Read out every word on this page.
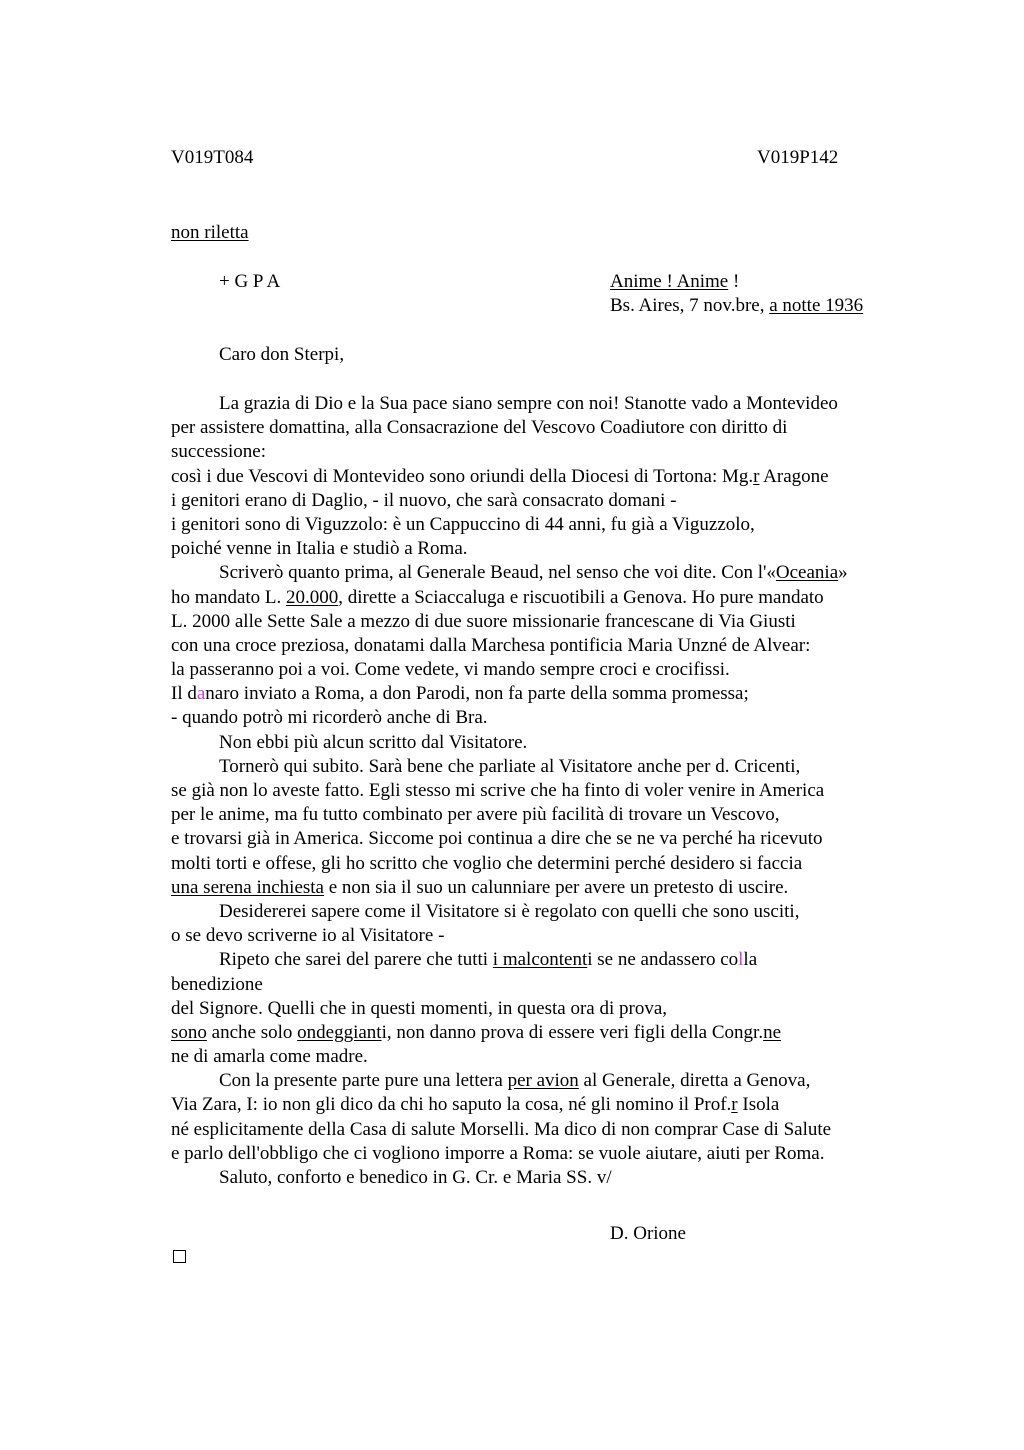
V019T084	V019P142
non riletta
+ G P A	Anime ! Anime !
Bs. Aires, 7 nov.bre, a notte 1936
Caro don Sterpi,
La grazia di Dio e la Sua pace siano sempre con noi! Stanotte vado a Montevideo
per assistere domattina, alla Consacrazione del Vescovo Coadiutore con diritto di
successione:
così i due Vescovi di Montevideo sono oriundi della Diocesi di Tortona: Mg.r Aragone
i genitori erano di Daglio, - il nuovo, che sarà consacrato domani -
i genitori sono di Viguzzolo: è un Cappuccino di 44 anni, fu già a Viguzzolo,
poiché venne in Italia e studiò a Roma.
Scriverò quanto prima, al Generale Beaud, nel senso che voi dite. Con l'«Oceania»
ho mandato L. 20.000, dirette a Sciaccaluga e riscuotibili a Genova. Ho pure mandato
L. 2000 alle Sette Sale a mezzo di due suore missionarie francescane di Via Giusti
con una croce preziosa, donatami dalla Marchesa pontificia Maria Unzné de Alvear:
la passeranno poi a voi. Come vedete, vi mando sempre croci e crocifissi.
Il danaro inviato a Roma, a don Parodi, non fa parte della somma promessa;
- quando potrò mi ricorderò anche di Bra.
Non ebbi più alcun scritto dal Visitatore.
Tornerò qui subito. Sarà bene che parliate al Visitatore anche per d. Cricenti,
se già non lo aveste fatto. Egli stesso mi scrive che ha finto di voler venire in America
per le anime, ma fu tutto combinato per avere più facilità di trovare un Vescovo,
e trovarsi già in America. Siccome poi continua a dire che se ne va perché ha ricevuto
molti torti e offese, gli ho scritto che voglio che determini perché desidero si faccia
una serena inchiesta e non sia il suo un calunniare per avere un pretesto di uscire.
Desidererei sapere come il Visitatore si è regolato con quelli che sono usciti,
o se devo scriverne io al Visitatore -
Ripeto che sarei del parere che tutti i malcontenti se ne andassero colla
benedizione
del Signore. Quelli che in questi momenti, in questa ora di prova,
sono anche solo ondeggianti, non danno prova di essere veri figli della Congr.ne
ne di amarla come madre.
Con la presente parte pure una lettera per avion al Generale, diretta a Genova,
Via Zara, I: io non gli dico da chi ho saputo la cosa, né gli nomino il Prof.r Isola
né esplicitamente della Casa di salute Morselli. Ma dico di non comprar Case di Salute
e parlo dell'obbligo che ci vogliono imporre a Roma: se vuole aiutare, aiuti per Roma.
Saluto, conforto e benedico in G. Cr. e Maria SS. v/
D. Orione
